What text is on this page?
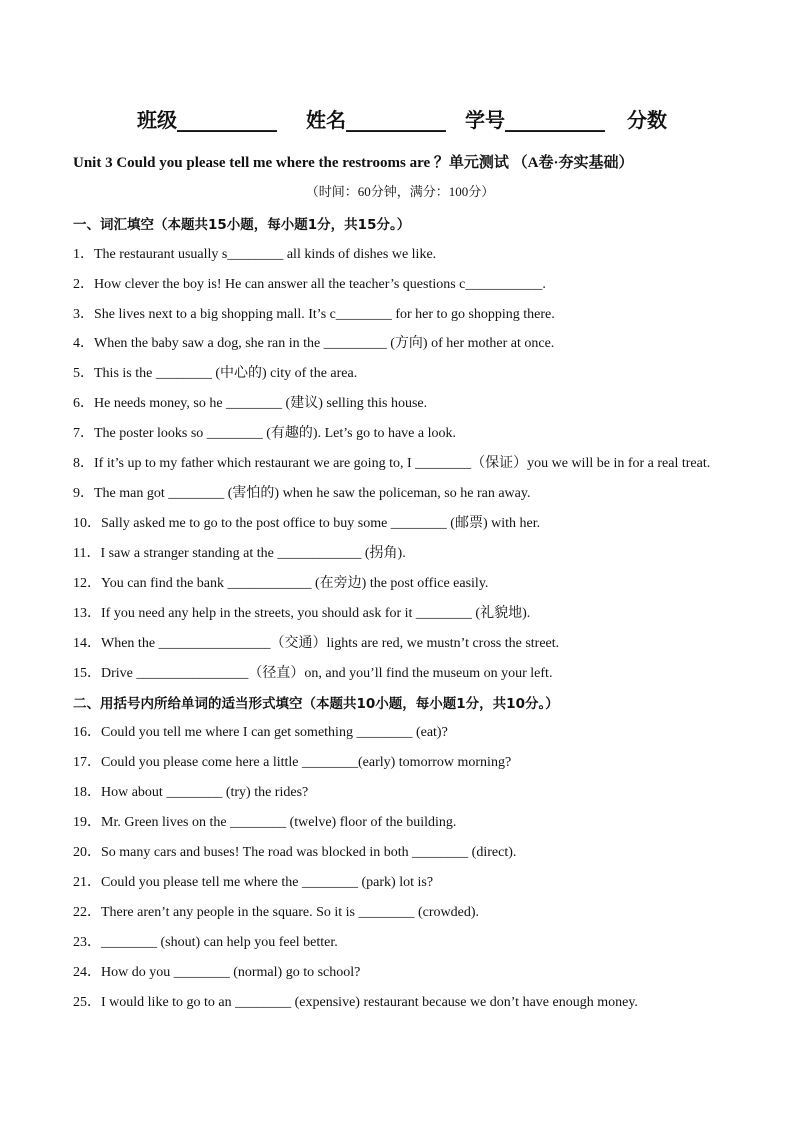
班级__________ 姓名__________ 学号__________ 分数
Unit 3 Could you please tell me where the restrooms are ？单元测试 （A卷·夯实基础）
（时间：60分钟，满分：100分）
一、词汇填空（本题共15小题，每小题1分，共15分。）
1．The restaurant usually s________ all kinds of dishes we like.
2．How clever the boy is! He can answer all the teacher’s questions c___________.
3．She lives next to a big shopping mall. It’s c________ for her to go shopping there.
4．When the baby saw a dog, she ran in the _________ (方向) of her mother at once.
5．This is the ________ (中心的) city of the area.
6．He needs money, so he ________ (建议) selling this house.
7．The poster looks so ________ (有趣的). Let’s go to have a look.
8．If it’s up to my father which restaurant we are going to, I ________（保证）you we will be in for a real treat.
9．The man got ________ (害怕的) when he saw the policeman, so he ran away.
10．Sally asked me to go to the post office to buy some ________ (邮票) with her.
11．I saw a stranger standing at the ____________ (拐角).
12．You can find the bank ____________ (在旁边) the post office easily.
13．If you need any help in the streets, you should ask for it ________ (礼貌地).
14．When the ________________（交通）lights are red, we mustn’t cross the street.
15．Drive ________________（径直）on, and you’ll find the museum on your left.
二、用括号内所给单词的适当形式填空（本题共10小题，每小题1分，共10分。）
16．Could you tell me where I can get something ________ (eat)?
17．Could you please come here a little ________(early) tomorrow morning?
18．How about ________ (try) the rides?
19．Mr. Green lives on the ________ (twelve) floor of the building.
20．So many cars and buses! The road was blocked in both ________ (direct).
21．Could you please tell me where the ________ (park) lot is?
22．There aren’t any people in the square. So it is ________ (crowded).
23．________ (shout) can help you feel better.
24．How do you ________ (normal) go to school?
25．I would like to go to an ________ (expensive) restaurant because we don’t have enough money.
